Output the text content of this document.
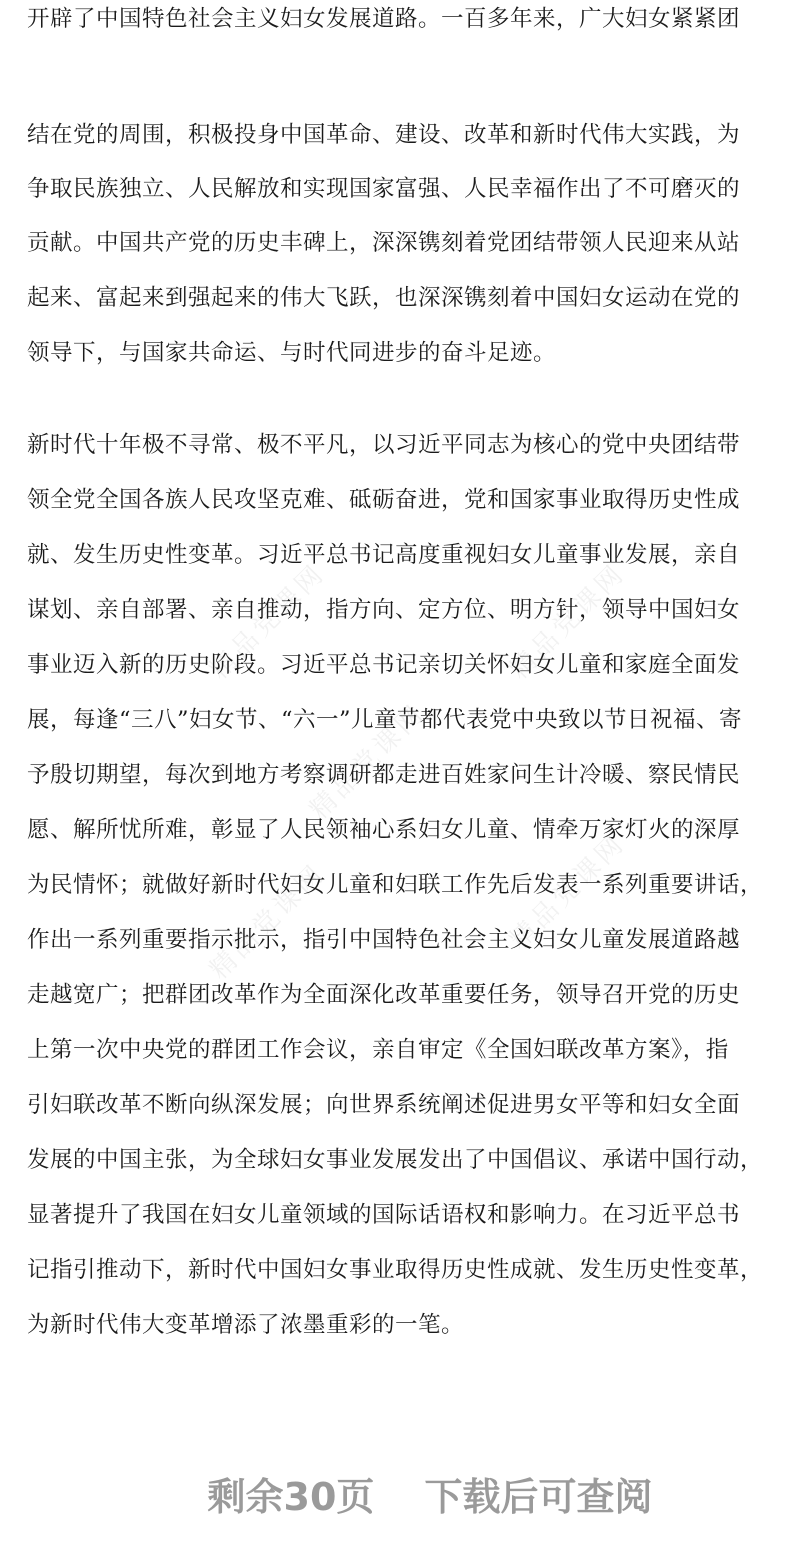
精品党课网	精品党课网
精品党课网	精品党课网
精品党课网
开辟了中国特色社会主义妇女发展道路。一百多年来，广大妇女紧紧团
结在党的周围，积极投身中国革命、建设、改革和新时代伟大实践，为
争取民族独立、人民解放和实现国家富强、人民幸福作出了不可磨灭的
贡献。中国共产党的历史丰碑上，深深镌刻着党团结带领人民迎来从站
起来、富起来到强起来的伟大飞跃，也深深镌刻着中国妇女运动在党的
领导下，与国家共命运、与时代同进步的奋斗足迹。
新时代十年极不寻常、极不平凡，以习近平同志为核心的党中央团结带
领全党全国各族人民攻坚克难、砥砺奋进，党和国家事业取得历史性成
就、发生历史性变革。习近平总书记高度重视妇女儿童事业发展，亲自
谋划、亲自部署、亲自推动，指方向、定方位、明方针，领导中国妇女
事业迈入新的历史阶段。习近平总书记亲切关怀妇女儿童和家庭全面发
展，每逢“三八”妇女节、“六一”儿童节都代表党中央致以节日祝福、寄
予殷切期望，每次到地方考察调研都走进百姓家问生计冷暖、察民情民
愿、解所忧所难，彰显了人民领袖心系妇女儿童、情牵万家灯火的深厚
为民情怀；就做好新时代妇女儿童和妇联工作先后发表一系列重要讲话，
作出一系列重要指示批示，指引中国特色社会主义妇女儿童发展道路越
走越宽广；把群团改革作为全面深化改革重要任务，领导召开党的历史
上第一次中央党的群团工作会议，亲自审定《全国妇联改革方案》，指
引妇联改革不断向纵深发展；向世界系统阐述促进男女平等和妇女全面
发展的中国主张，为全球妇女事业发展发出了中国倡议、承诺中国行动，
显著提升了我国在妇女儿童领域的国际话语权和影响力。在习近平总书
记指引推动下，新时代中国妇女事业取得历史性成就、发生历史性变革，
为新时代伟大变革增添了浓墨重彩的一笔。
剩余30页 下载后可查阅
